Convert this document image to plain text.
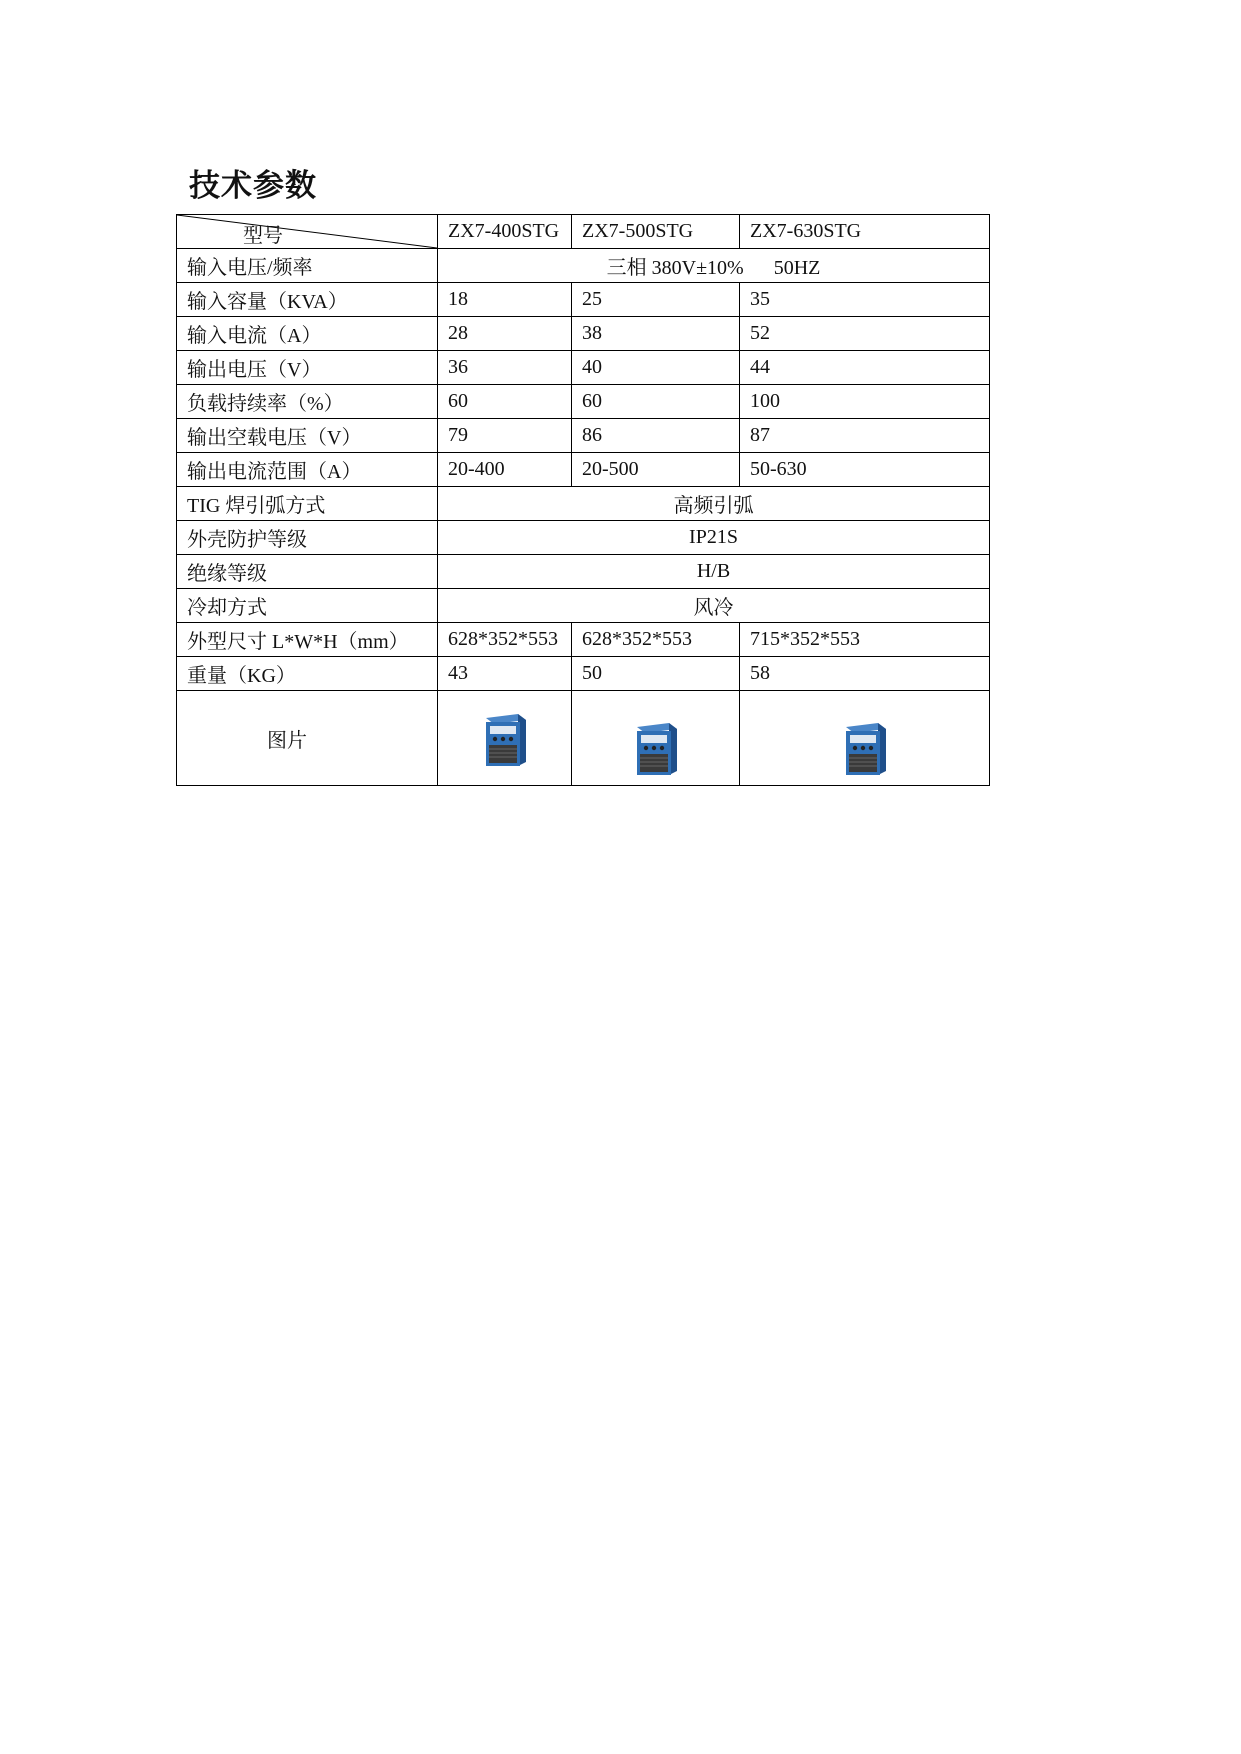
技术参数
型号	ZX7-400STG	ZX7-500STG	ZX7-630STG
输入电压/频率	三相 380V±10%      50HZ		
输入容量（KVA）	18	25	35
输入电流（A）	28	38	52
输出电压（V）	36	40	44
负载持续率（%）	60	60	100
输出空载电压（V）	79	86	87
输出电流范围（A）	20-400	20-500	50-630
TIG 焊引弧方式	高频引弧		
外壳防护等级	IP21S		
绝缘等级	H/B		
冷却方式	风冷		
外型尺寸 L*W*H（mm）	628*352*553	628*352*553	715*352*553
重量（KG）	43	50	58

图片
